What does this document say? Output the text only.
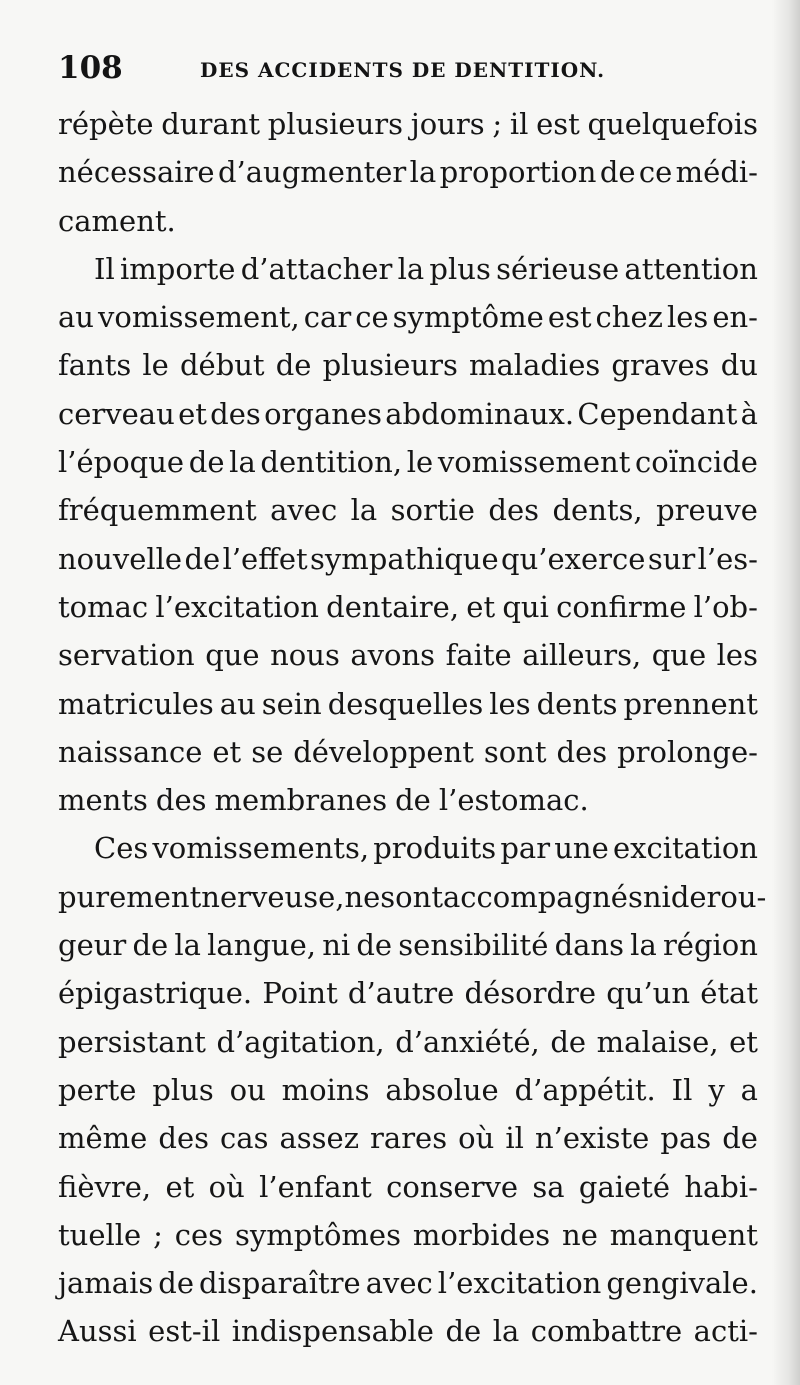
108	DES ACCIDENTS DE DENTITION.
répète durant plusieurs jours ; il est quelquefois
nécessaire d’augmenter la proportion de ce médi-
cament.
Il importe d’attacher la plus sérieuse attention
au vomissement, car ce symptôme est chez les en-
fants le début de plusieurs maladies graves du
cerveau et des organes abdominaux. Cependant à
l’époque de la dentition, le vomissement coïncide
fréquemment avec la sortie des dents, preuve
nouvelle de l’effet sympathique qu’exerce sur l’es-
tomac l’excitation dentaire, et qui confirme l’ob-
servation que nous avons faite ailleurs, que les
matricules au sein desquelles les dents prennent
naissance et se développent sont des prolonge-
ments des membranes de l’estomac.
Ces vomissements, produits par une excitation
purement nerveuse, ne sont accompagnés ni de rou-
geur de la langue, ni de sensibilité dans la région
épigastrique. Point d’autre désordre qu’un état
persistant d’agitation, d’anxiété, de malaise, et
perte plus ou moins absolue d’appétit. Il y a
même des cas assez rares où il n’existe pas de
fièvre, et où l’enfant conserve sa gaieté habi-
tuelle ; ces symptômes morbides ne manquent
jamais de disparaître avec l’excitation gengivale.
Aussi est-il indispensable de la combattre acti-
